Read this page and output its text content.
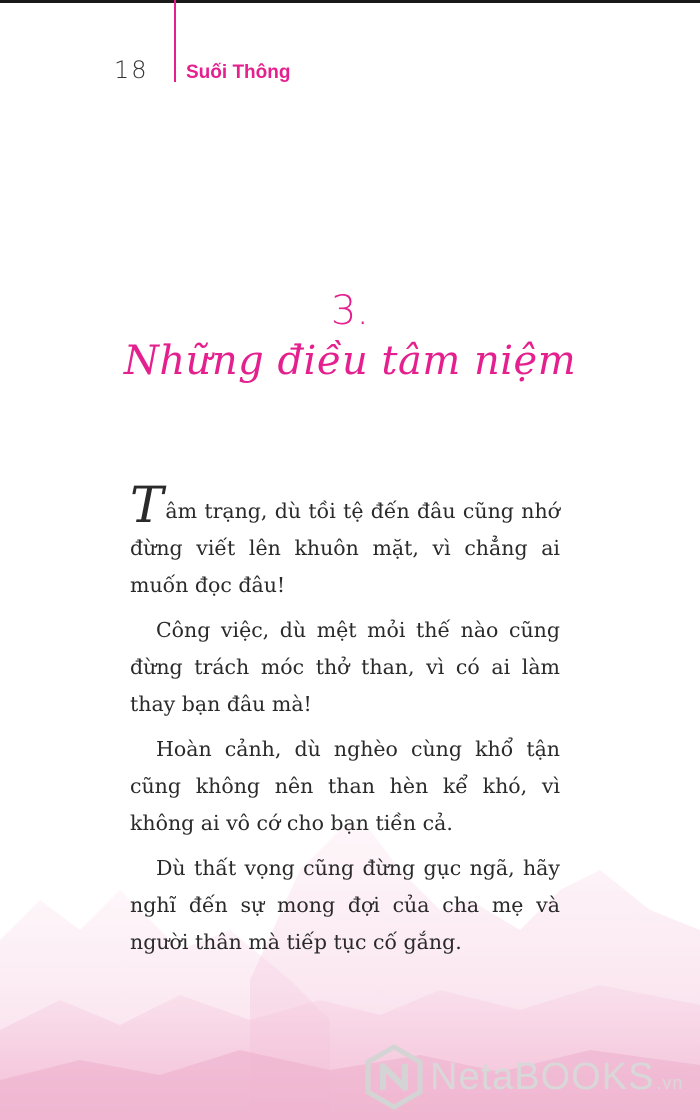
18 Suối Thông
3.
Những điều tâm niệm

Tâm trạng, dù tồi tệ đến đâu cũng nhớ đừng viết lên khuôn mặt, vì chẳng ai muốn đọc đâu!

Công việc, dù mệt mỏi thế nào cũng đừng trách móc thở than, vì có ai làm thay bạn đâu mà!

Hoàn cảnh, dù nghèo cùng khổ tận cũng không nên than hèn kể khó, vì không ai vô cớ cho bạn tiền cả.

Dù thất vọng cũng đừng gục ngã, hãy nghĩ đến sự mong đợi của cha mẹ và người thân mà tiếp tục cố gắng.

NetaBOOKS .vn
